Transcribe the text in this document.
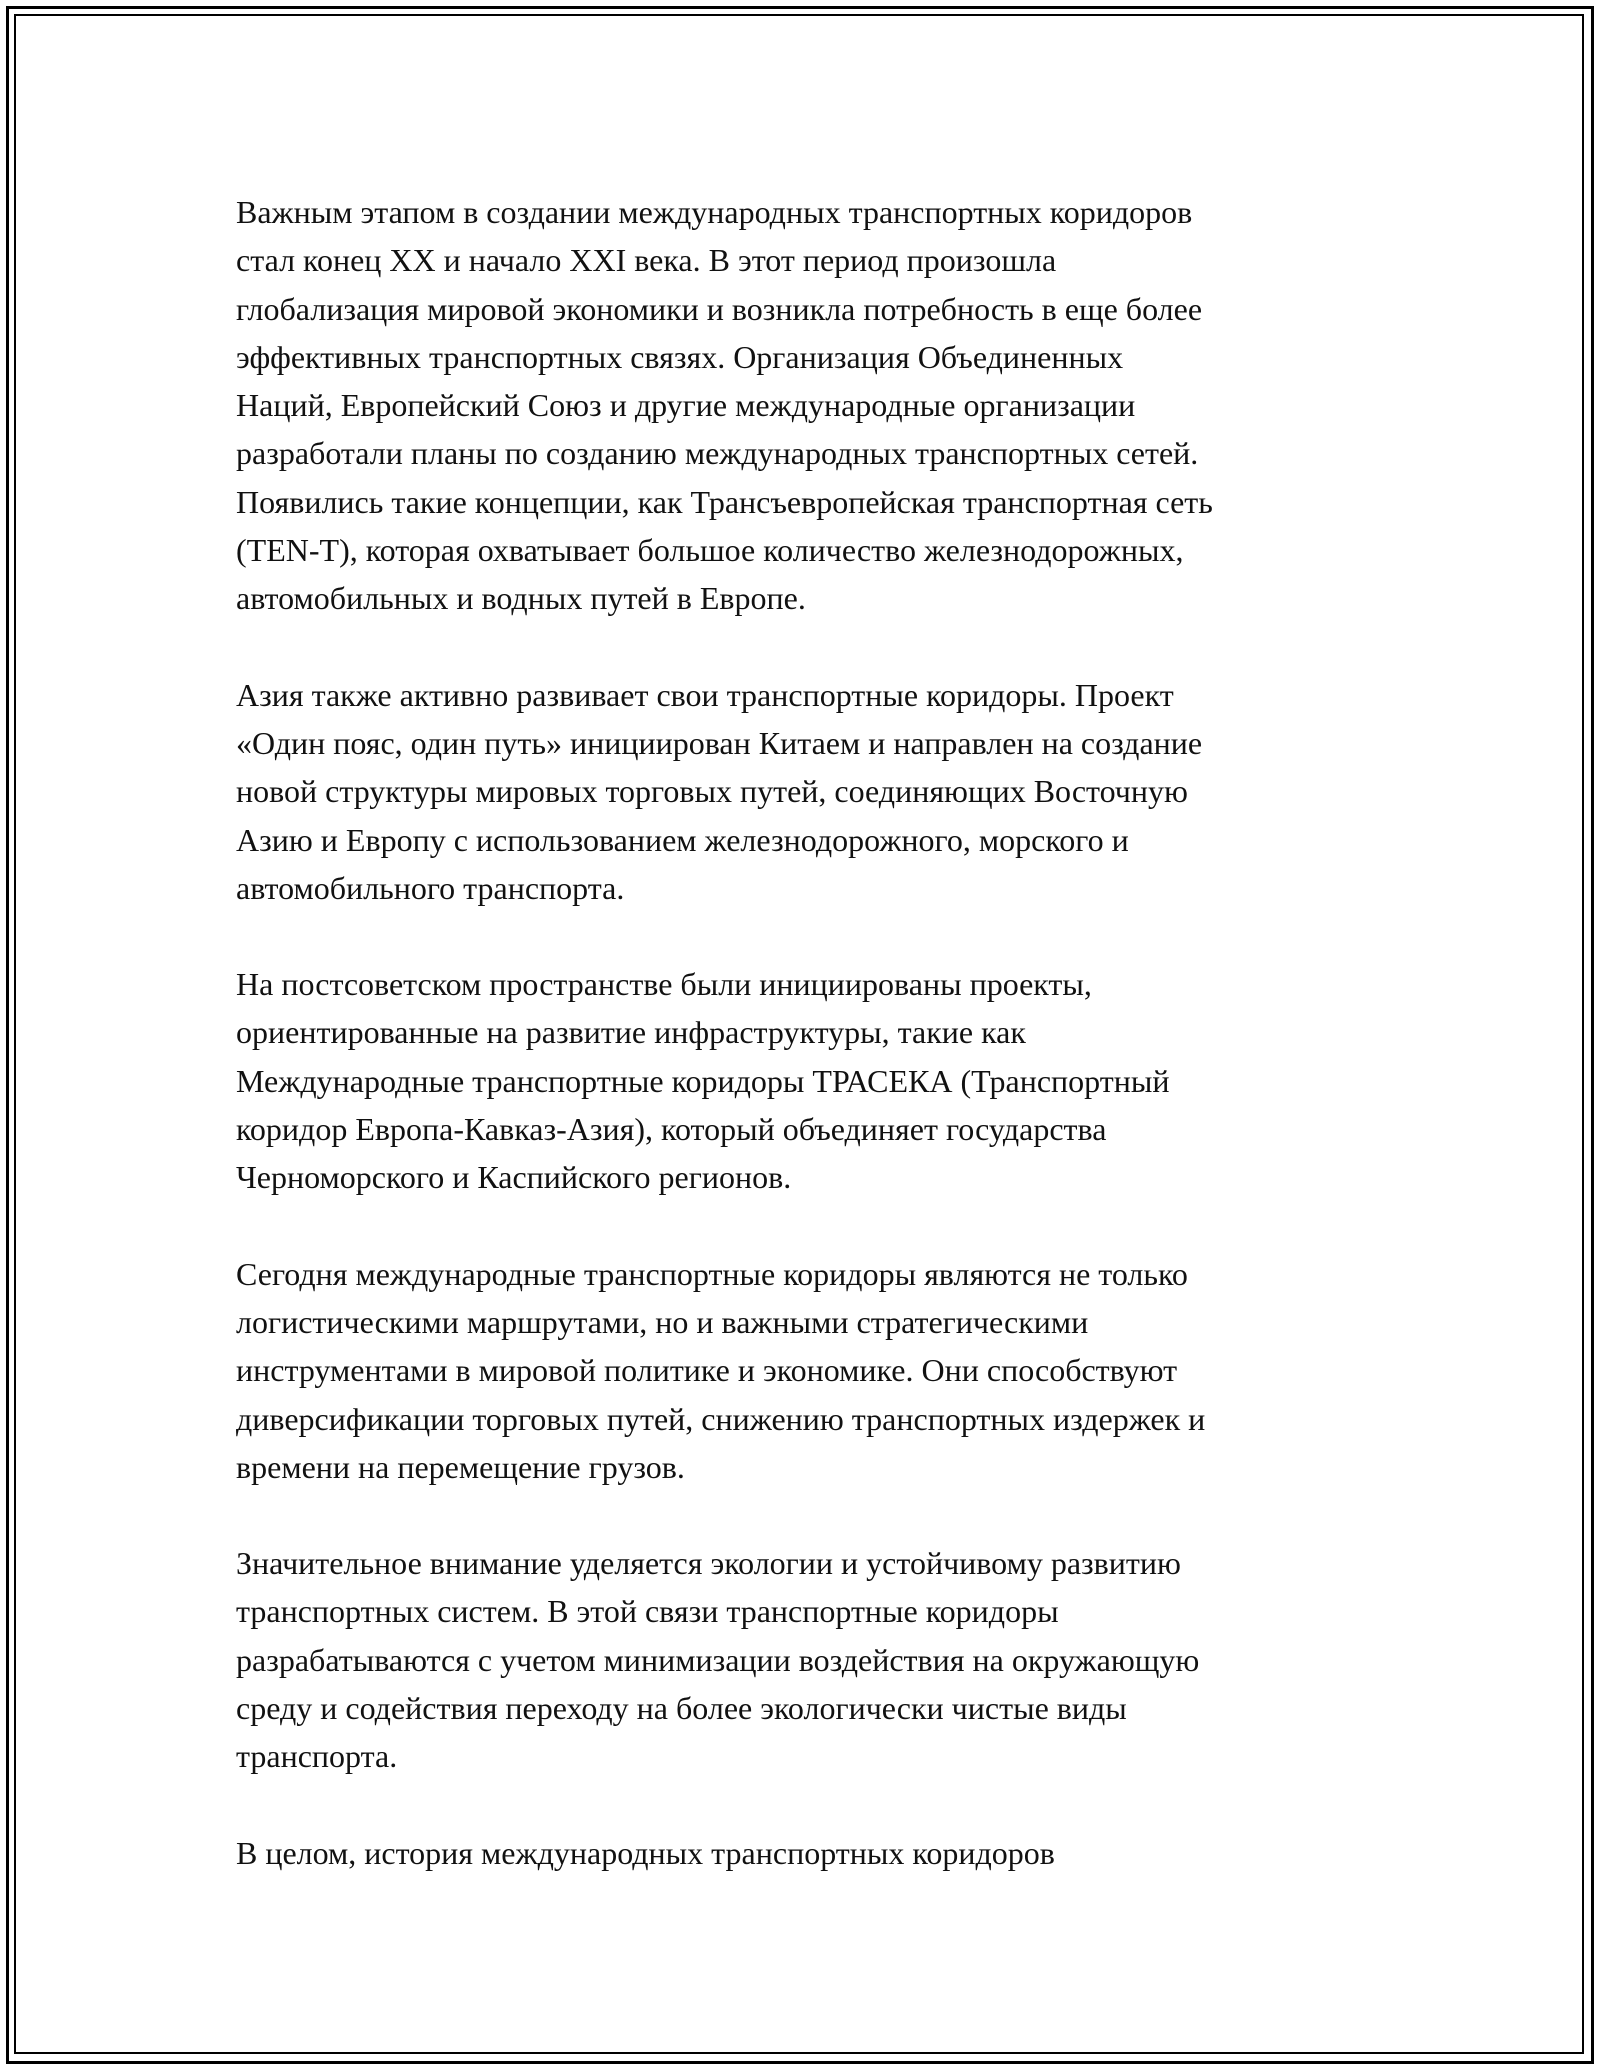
Важным этапом в создании международных транспортных коридоров
стал конец XX и начало XXI века. В этот период произошла
глобализация мировой экономики и возникла потребность в еще более
эффективных транспортных связях. Организация Объединенных
Наций, Европейский Союз и другие международные организации
разработали планы по созданию международных транспортных сетей.
Появились такие концепции, как Трансъевропейская транспортная сеть
(TEN-T), которая охватывает большое количество железнодорожных,
автомобильных и водных путей в Европе.

Азия также активно развивает свои транспортные коридоры. Проект
«Один пояс, один путь» инициирован Китаем и направлен на создание
новой структуры мировых торговых путей, соединяющих Восточную
Азию и Европу с использованием железнодорожного, морского и
автомобильного транспорта.

На постсоветском пространстве были инициированы проекты,
ориентированные на развитие инфраструктуры, такие как
Международные транспортные коридоры ТРАСЕКА (Транспортный
коридор Европа-Кавказ-Азия), который объединяет государства
Черноморского и Каспийского регионов.

Сегодня международные транспортные коридоры являются не только
логистическими маршрутами, но и важными стратегическими
инструментами в мировой политике и экономике. Они способствуют
диверсификации торговых путей, снижению транспортных издержек и
времени на перемещение грузов.

Значительное внимание уделяется экологии и устойчивому развитию
транспортных систем. В этой связи транспортные коридоры
разрабатываются с учетом минимизации воздействия на окружающую
среду и содействия переходу на более экологически чистые виды
транспорта.

В целом, история международных транспортных коридоров
